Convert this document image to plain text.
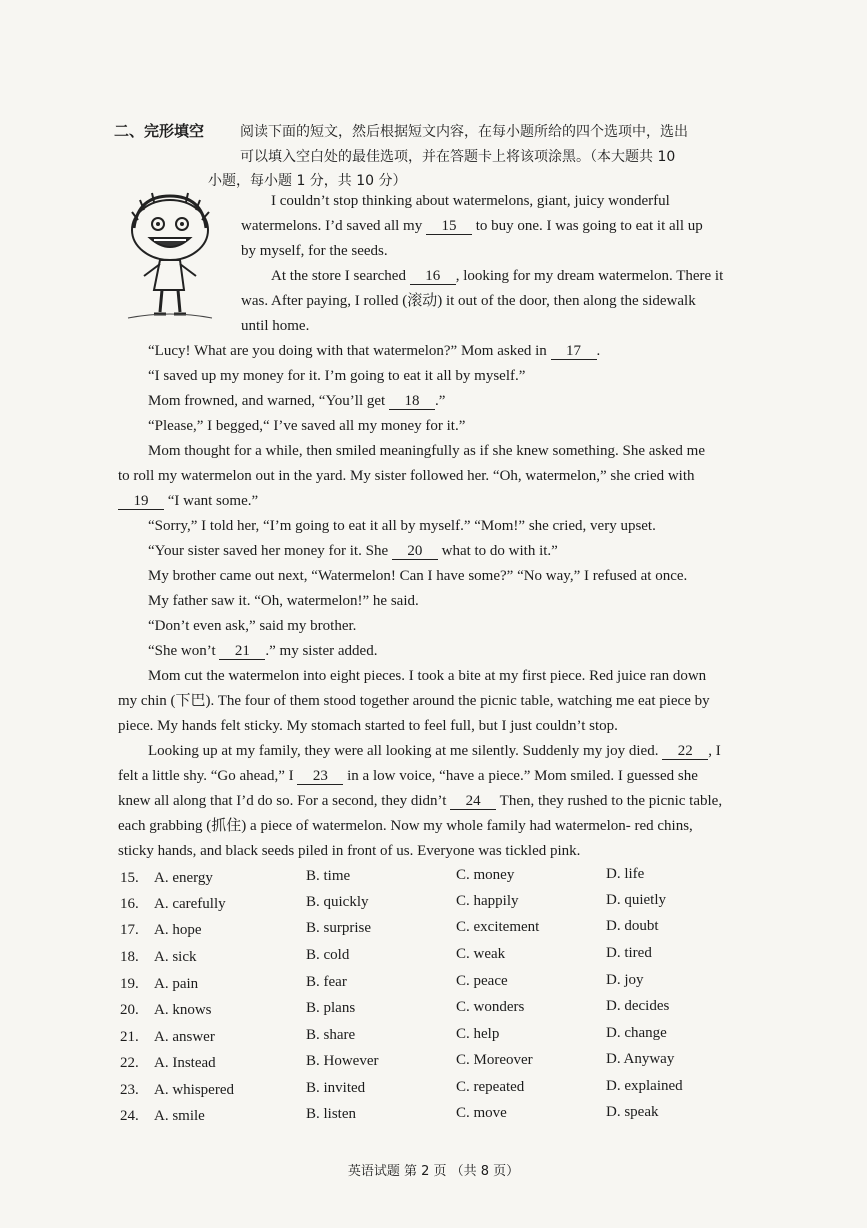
二、完形填空	阅读下面的短文，然后根据短文内容，在每小题所给的四个选项中，选出
可以填入空白处的最佳选项，并在答题卡上将该项涂黑。（本大题共 10
小题，每小题 1 分，共 10 分）
I couldn’t stop thinking about watermelons, giant, juicy wonderful
watermelons. I’d saved all my 15 to buy one. I was going to eat it all up
by myself, for the seeds.
At the store I searched 16 , looking for my dream watermelon. There it
was. After paying, I rolled (滚动) it out of the door, then along the sidewalk
until home.
“Lucy! What are you doing with that watermelon?” Mom asked in 17 .
“I saved up my money for it. I’m going to eat it all by myself.”
Mom frowned, and warned, “You’ll get 18 .”
“Please,” I begged,“ I’ve saved all my money for it.”
Mom thought for a while, then smiled meaningfully as if she knew something. She asked me
to roll my watermelon out in the yard. My sister followed her. “Oh, watermelon,” she cried with
19 “I want some.”
“Sorry,” I told her, “I’m going to eat it all by myself.” “Mom!” she cried, very upset.
“Your sister saved her money for it. She 20 what to do with it.”
My brother came out next, “Watermelon! Can I have some?” “No way,” I refused at once.
My father saw it. “Oh, watermelon!” he said.
“Don’t even ask,” said my brother.
“She won’t 21 .” my sister added.
Mom cut the watermelon into eight pieces. I took a bite at my first piece. Red juice ran down
my chin (下巴). The four of them stood together around the picnic table, watching me eat piece by
piece. My hands felt sticky. My stomach started to feel full, but I just couldn’t stop.
Looking up at my family, they were all looking at me silently. Suddenly my joy died. 22 , I
felt a little shy. “Go ahead,” I 23 in a low voice, “have a piece.” Mom smiled. I guessed she
knew all along that I’d do so. For a second, they didn’t 24 Then, they rushed to the picnic table,
each grabbing (抓住) a piece of watermelon. Now my whole family had watermelon- red chins,
sticky hands, and black seeds piled in front of us. Everyone was tickled pink.
15. A. energy	B. time	C. money	D. life
16. A. carefully	B. quickly	C. happily	D. quietly
17. A. hope	B. surprise	C. excitement	D. doubt
18. A. sick	B. cold	C. weak	D. tired
19. A. pain	B. fear	C. peace	D. joy
20. A. knows	B. plans	C. wonders	D. decides
21. A. answer	B. share	C. help	D. change
22. A. Instead	B. However	C. Moreover	D. Anyway
23. A. whispered	B. invited	C. repeated	D. explained
24. A. smile	B. listen	C. move	D. speak
英语试题 第 2 页 （共 8 页）
